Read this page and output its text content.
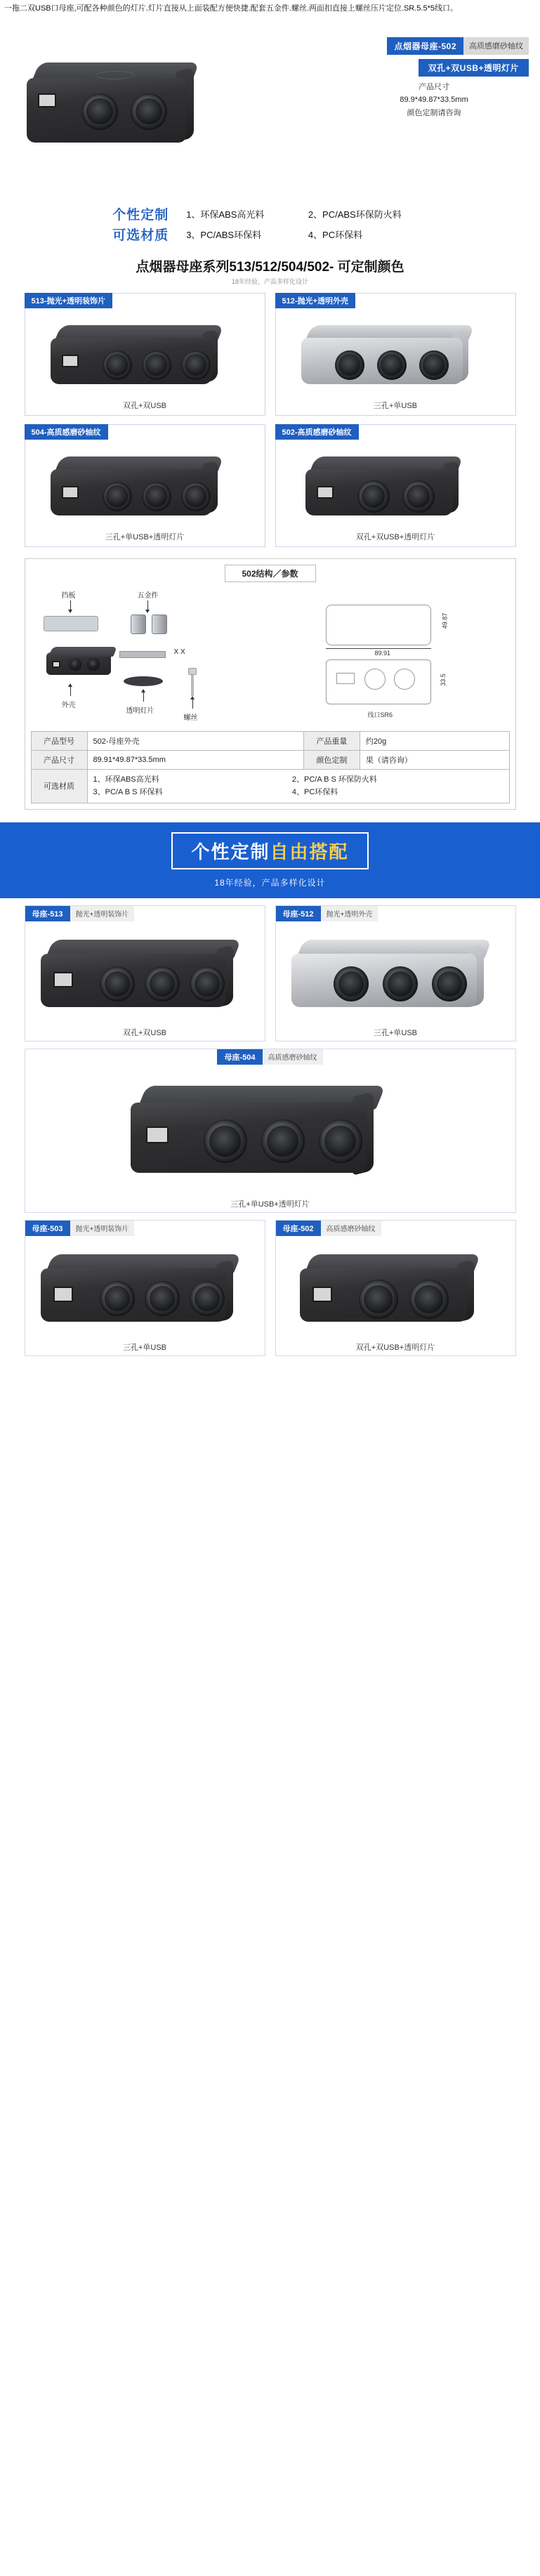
一拖二双USB口母座,可配各种颜色的灯片.灯片直接从上面装配方便快捷.配套五金件.螺丝.两面扣直接上螺丝压片定位.SR.5.5*5线口。
点烟器母座-502	高质感磨砂轴纹
双孔+双USB+透明灯片
产品尺寸
89.9*49.87*33.5mm
颜色定制请咨询
个性定制	1、环保ABS高光料	2、PC/ABS环保防火料
可选材质	3、PC/ABS环保料	4、PC环保料
点烟器母座系列513/512/504/502- 可定制颜色
18年经验，产品多样化设计
513-抛光+透明装饰片
双孔+双USB
512-抛光+透明外壳
三孔+单USB
504-高质感磨砂轴纹
三孔+单USB+透明灯片
502-高质感磨砂轴纹
双孔+双USB+透明灯片
502结构／参数
挡板	五金件
X X
外壳
透明灯片
螺丝
89.91
49.87
33.5
线口SR6
产品型号	502-母座外壳	产品重量	约20g
产品尺寸	89.91*49.87*33.5mm	颜色定制	果（请咨询）
可选材质	1、环保ABS高光料 2、PC/A B S 环保防火料 3、PC/A B S 环保料 4、PC环保料		
个性定制自由搭配
18年经验，产品多样化设计
母座-513	抛光+透明装饰片
双孔+双USB
母座-512	抛光+透明外壳
三孔+单USB
母座-504	高质感磨砂轴纹
三孔+单USB+透明灯片
母座-503	抛光+透明装饰片
三孔+单USB
母座-502	高质感磨砂轴纹
双孔+双USB+透明灯片
